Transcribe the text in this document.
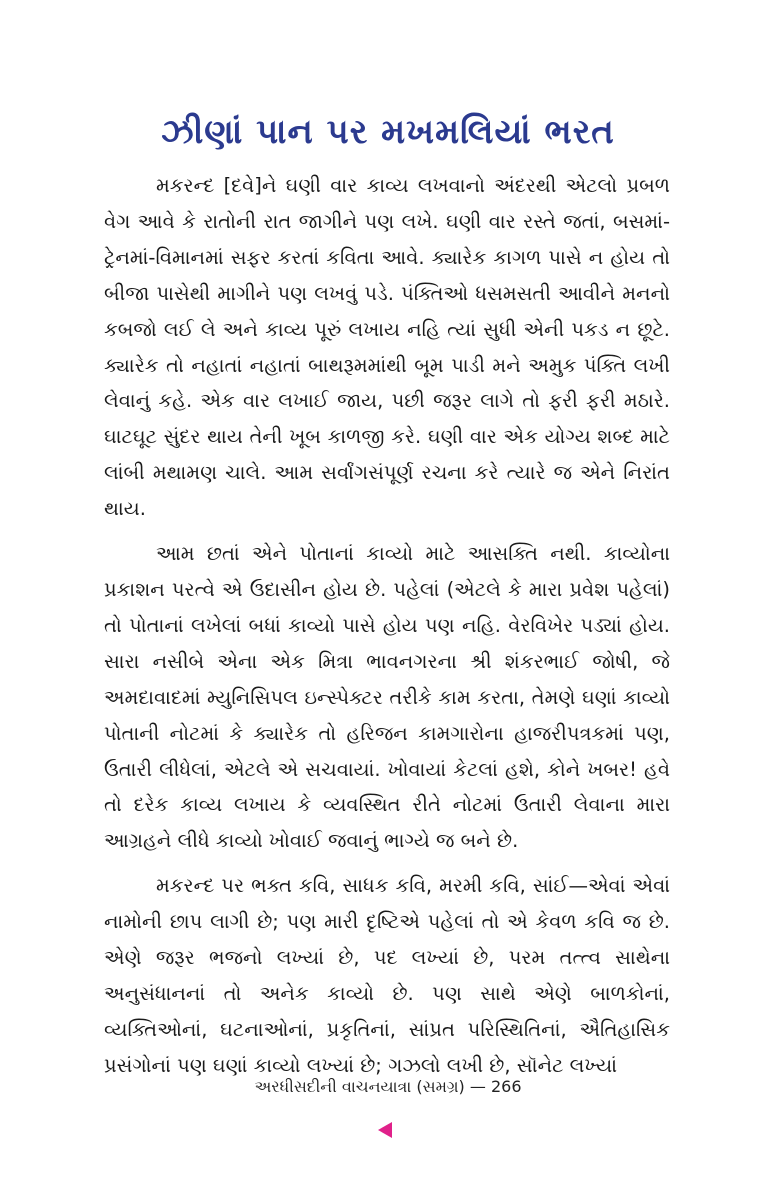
ઝીણાં પાન પર મખમલિયાં ભરત

મકરન્દ [દવે]ને ઘણી વાર કાવ્ય લખવાનો અંદરથી એટલો પ્રબળ વેગ આવે કે રાતોની રાત જાગીને પણ લખે. ઘણી વાર રસ્તે જતાં, બસમાં-ટ્રેનમાં-વિમાનમાં સફર કરતાં કવિતા આવે. ક્યારેક કાગળ પાસે ન હોય તો બીજા પાસેથી માગીને પણ લખવું પડે. પંક્તિઓ ધસમસતી આવીને મનનો કબજો લઈ લે અને કાવ્ય પૂરું લખાય નહિ ત્યાં સુધી એની પકડ ન છૂટે. ક્યારેક તો નહાતાં નહાતાં બાથરૂમમાંથી બૂમ પાડી મને અમુક પંક્તિ લખી લેવાનું કહે. એક વાર લખાઈ જાય, પછી જરૂર લાગે તો ફરી ફરી મઠારે. ઘાટઘૂટ સુંદર થાય તેની ખૂબ કાળજી કરે. ઘણી વાર એક યોગ્ય શબ્દ માટે લાંબી મથામણ ચાલે. આમ સર્વાંગસંપૂર્ણ રચના કરે ત્યારે જ એને નિરાંત થાય.

આમ છતાં એને પોતાનાં કાવ્યો માટે આસક્તિ નથી. કાવ્યોના પ્રકાશન પરત્વે એ ઉદાસીન હોય છે. પહેલાં (એટલે કે મારા પ્રવેશ પહેલાં) તો પોતાનાં લખેલાં બધાં કાવ્યો પાસે હોય પણ નહિ. વેરવિખેર પડ્યાં હોય. સારા નસીબે એના એક મિત્રા ભાવનગરના શ્રી શંકરભાઈ જોષી, જે અમદાવાદમાં મ્યુનિસિપલ ઇન્સ્પેક્ટર તરીકે કામ કરતા, તેમણે ઘણાં કાવ્યો પોતાની નોટમાં કે ક્યારેક તો હરિજન કામગારોના હાજરીપત્રકમાં પણ, ઉતારી લીધેલાં, એટલે એ સચવાયાં. ખોવાયાં કેટલાં હશે, કોને ખબર! હવે તો દરેક કાવ્ય લખાય કે વ્યવસ્થિત રીતે નોટમાં ઉતારી લેવાના મારા આગ્રહને લીધે કાવ્યો ખોવાઈ જવાનું ભાગ્યે જ બને છે.

મકરન્દ પર ભક્ત કવિ, સાધક કવિ, મરમી કવિ, સાંઈ—એવાં એવાં નામોની છાપ લાગી છે; પણ મારી દૃષ્ટિએ પહેલાં તો એ કેવળ કવિ જ છે. એણે જરૂર ભજનો લખ્યાં છે, પદ લખ્યાં છે, પરમ તત્ત્વ સાથેના અનુસંધાનનાં તો અનેક કાવ્યો છે. પણ સાથે એણે બાળકોનાં, વ્યક્તિઓનાં, ઘટનાઓનાં, પ્રકૃતિનાં, સાંપ્રત પરિસ્થિતિનાં, ઐતિહાસિક પ્રસંગોનાં પણ ઘણાં કાવ્યો લખ્યાં છે; ગઝલો લખી છે, સૉનેટ લખ્યાં

અરધીસદીની વાચનયાત્રા (સમગ્ર) — 266
